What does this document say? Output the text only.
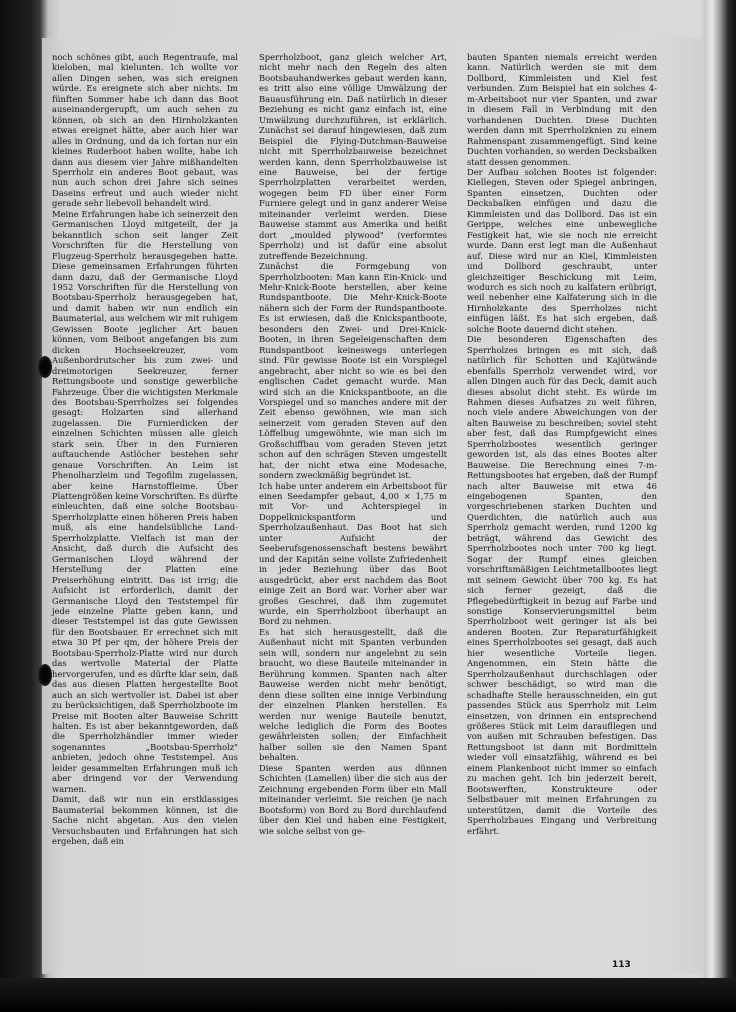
noch schönes gibt, auch Regentraufe, mal kieloben, mal kielunten. Ich wollte vor allen Dingen sehen, was sich ereignen würde. Es ereignete sich aber nichts. Im fünften Sommer habe ich dann das Boot auseinandergerupft, um auch sehen zu können, ob sich an den Hirnholzkanten etwas ereignet hätte, aber auch hier war alles in Ordnung, und da ich fortan nur ein kleines Ruderboot haben wollte, habe ich dann aus diesem vier Jahre mißhandelten Sperrholz ein anderes Boot gebaut, was nun auch schon drei Jahre sich seines Daseins erfreut und auch wieder nicht gerade sehr liebevoll behandelt wird.

Meine Erfahrungen habe ich seinerzeit den Germanischen Lloyd mitgeteilt, der ja bekanntlich schon seit langer Zeit Vorschriften für die Herstellung von Flugzeug-Sperrholz herausgegeben hatte. Diese gemeinsamen Erfahrungen führten dann dazu, daß der Germanische Lloyd 1952 Vorschriften für die Herstellung von Bootsbau-Sperrholz herausgegeben hat, und damit haben wir nun endlich ein Baumaterial, aus welchem wir mit ruhigem Gewissen Boote jeglicher Art bauen können, vom Beiboot angefangen bis zum dicken Hochseekreuzer, vom Außenbordrutscher bis zum zwei- und dreimotorigen Seekreuzer, ferner Rettungsboote und sonstige gewerbliche Fahrzeuge. Über die wichtigsten Merkmale des Bootsbau-Sperrholzes sei folgendes gesagt: Holzarten sind allerhand zugelassen. Die Furnierdicken der einzelnen Schichten müssen alle gleich stark sein. Über in den Furnieren auftauchende Astlöcher bestehen sehr genaue Vorschriften. An Leim ist Phenolharzleim und Tegofilm zugelassen, aber keine Harnstoffleime. Über Plattengrößen keine Vorschriften. Es dürfte einleuchten, daß eine solche Bootsbau-Sperrholzplatte einen höheren Preis haben muß, als eine handelsübliche Land-Sperrholzplatte. Vielfach ist man der Ansicht, daß durch die Aufsicht des Germanischen Lloyd während der Herstellung der Platten eine Preiserhöhung eintritt. Das ist irrig; die Aufsicht ist erforderlich, damit der Germanische Lloyd den Teststempel für jede einzelne Platte geben kann, und dieser Teststempel ist das gute Gewissen für den Bootsbauer. Er errechnet sich mit etwa 30 Pf per qm, der höhere Preis der Bootsbau-Sperrholz-Platte wird nur durch das wertvolle Material der Platte hervorgerufen, und es dürfte klar sein, daß das aus diesen Platten hergestellte Boot auch an sich wertvoller ist. Dabei ist aber zu berücksichtigen, daß Sperrholzboote im Preise mit Booten alter Bauweise Schritt halten. Es ist aber bekanntgeworden, daß die Sperrholzhändler immer wieder sogenanntes „Bootsbau-Sperrholz" anbieten, jedoch ohne Teststempel. Aus leider gesammelten Erfahrungen muß ich aber dringend vor der Verwendung warnen.

Damit, daß wir nun ein erstklassiges Baumaterial bekommen können, ist die Sache nicht abgetan. Aus den vielen Versuchsbauten und Erfahrungen hat sich ergeben, daß ein

Sperrholzboot, ganz gleich welcher Art, nicht mehr nach den Regeln des alten Bootsbauhandwerkes gebaut werden kann, es tritt also eine völlige Umwälzung der Bauausführung ein. Daß natürlich in dieser Beziehung es nicht ganz einfach ist, eine Umwälzung durchzuführen, ist erklärlich. Zunächst sei darauf hingewiesen, daß zum Beispiel die Flying-Dutchman-Bauweise nicht mit Sperrholzbauweise bezeichnet werden kann, denn Sperrholzbauweise ist eine Bauweise, bei der fertige Sperrholzplatten verarbeitet werden, wogegen beim FD über einer Form Furniere gelegt und in ganz anderer Weise miteinander verleimt werden. Diese Bauweise stammt aus Amerika und heißt dort „moulded plywood" (verformtes Sperrholz) und ist dafür eine absolut zutreffende Bezeichnung.

Zunächst die Formgebung von Sperrholzbooten: Man kann Ein-Knick- und Mehr-Knick-Boote herstellen, aber keine Rundspantboote. Die Mehr-Knick-Boote nähern sich der Form der Rundspantboote. Es ist erwiesen, daß die Knickspantboote, besonders den Zwei- und Drei-Knick-Booten, in ihren Segeleigenschaften dem Rundspantboot keineswegs unterlegen sind. Für gewisse Boote ist ein Vorspiegel angebracht, aber nicht so wie es bei den englischen Cadet gemacht wurde. Man wird sich an die Knickspantboote, an die Vorspiegel und so manches andere mit der Zeit ebenso gewöhnen, wie man sich seinerzeit vom geraden Steven auf den Löffelbug umgewöhnte, wie man sich im Großschiffbau vom geraden Steven jetzt schon auf den schrägen Steven umgestellt hat, der nicht etwa eine Modesache, sondern zweckmäßig begründet ist.

Ich habe unter anderem ein Arbeitsboot für einen Seedampfer gebaut, 4,00 × 1,75 m mit Vor- und Achterspiegel in Doppelknickspantform und Sperrholzaußenhaut. Das Boot hat sich unter Aufsicht der Seeberufsgenossenschaft bestens bewährt und der Kapitän seine vollste Zufriedenheit in jeder Beziehung über das Boot ausgedrückt, aber erst nachdem das Boot einige Zeit an Bord war. Vorher aber war großes Geschrei, daß ihm zugemutet wurde, ein Sperrholzboot überhaupt an Bord zu nehmen.

Es hat sich herausgestellt, daß die Außenhaut nicht mit Spanten verbunden sein will, sondern nur angelehnt zu sein braucht, wo diese Bauteile miteinander in Berührung kommen. Spanten nach alter Bauweise werden nicht mehr benötigt, denn diese sollten eine innige Verbindung der einzelnen Planken herstellen. Es werden nur wenige Bauteile benutzt, welche lediglich die Form des Bootes gewährleisten sollen; der Einfachheit halber sollen sie den Namen Spant behalten.

Diese Spanten werden aus dünnen Schichten (Lamellen) über die sich aus der Zeichnung ergebenden Form über ein Mall miteinander verleimt. Sie reichen (je nach Bootsform) von Bord zu Bord durchlaufend über den Kiel und haben eine Festigkeit, wie solche selbst von ge-

bauten Spanten niemals erreicht werden kann. Natürlich werden sie mit dem Dollbord, Kimmleisten und Kiel fest verbunden. Zum Beispiel hat ein solches 4-m-Arbeitsboot nur vier Spanten, und zwar in diesem Fall in Verbindung mit den vorhandenen Duchten. Diese Duchten werden dann mit Sperrholzknien zu einem Rahmenspant zusammengefügt. Sind keine Duchten vorhanden, so werden Decksbalken statt dessen genommen.

Der Aufbau solchen Bootes ist folgender: Kiellegen, Steven oder Spiegel anbringen, Spanten einsetzen, Duchten oder Decksbalken einfügen und dazu die Kimmleisten und das Dollbord. Das ist ein Gerippe, welches eine unbewegliche Festigkeit hat, wie sie noch nie erreicht wurde. Dann erst legt man die Außenhaut auf. Diese wird nur an Kiel, Kimmleisten und Dollbord geschraubt, unter gleichzeitiger Beschickung mit Leim, wodurch es sich noch zu kalfatern erübrigt, weil nebenher eine Kalfaterung sich in die Hirnholzkante des Sperrholzes nicht einfügen läßt. Es hat sich ergeben, daß solche Boote dauernd dicht stehen.

Die besonderen Eigenschaften des Sperrholzes bringen es mit sich, daß natürlich für Schotten und Kajütwände ebenfalls Sperrholz verwendet wird, vor allen Dingen auch für das Deck, damit auch dieses absolut dicht steht. Es würde im Rahmen dieses Aufsatzes zu weit führen, noch viele andere Abweichungen von der alten Bauweise zu beschreiben; soviel steht aber fest, daß das Rumpfgewicht eines Sperrholzbootes wesentlich geringer geworden ist, als das eines Bootes alter Bauweise. Die Berechnung eines 7-m-Rettungsbootes hat ergeben, daß der Rumpf nach alter Bauweise mit etwa 46 eingebogenen Spanten, den vorgeschriebenen starken Duchten und Querdichten, die natürlich auch aus Sperrholz gemacht werden, rund 1200 kg beträgt, während das Gewicht des Sperrholzbootes noch unter 700 kg liegt. Sogar der Rumpf eines gleichen vorschriftsmäßigen Leichtmetallbootes liegt mit seinem Gewicht über 700 kg. Es hat sich ferner gezeigt, daß die Pflegebedürftigkeit in bezug auf Farbe und sonstige Konservierungsmittel beim Sperrholzboot weit geringer ist als bei anderen Booten. Zur Reparaturfähigkeit eines Sperrholzbootes sei gesagt, daß auch hier wesentliche Vorteile liegen. Angenommen, ein Stein hätte die Sperrholzaußenhaut durchschlagen oder schwer beschädigt, so wird man die schadhafte Stelle herausschneiden, ein gut passendes Stück aus Sperrholz mit Leim einsetzen, von drinnen ein entsprechend größeres Stück mit Leim daraufllegen und von außen mit Schrauben befestigen. Das Rettungsboot ist dann mit Bordmitteln wieder voll einsatzfähig, während es bei einem Plankenboot nicht immer so einfach zu machen geht. Ich bin jederzeit bereit, Bootswerften, Konstrukteure oder Selbstbauer mit meinen Erfahrungen zu unterstützen, damit die Vorteile des Sperrholzbaues Eingang und Verbreitung erfährt.

113
